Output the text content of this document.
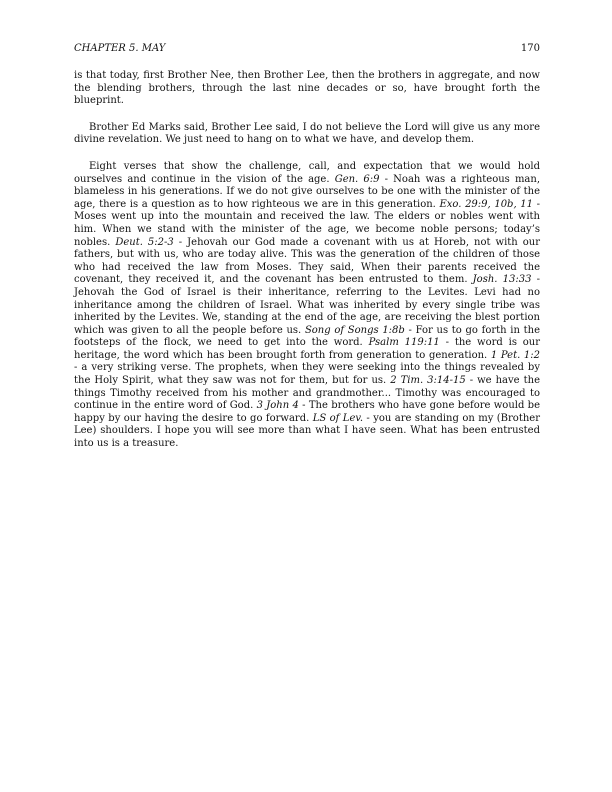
CHAPTER 5. MAY	170

is that today, first Brother Nee, then Brother Lee, then the brothers in aggregate, and now the blending brothers, through the last nine decades or so, have brought forth the blueprint.

Brother Ed Marks said, Brother Lee said, I do not believe the Lord will give us any more divine revelation. We just need to hang on to what we have, and develop them.

Eight verses that show the challenge, call, and expectation that we would hold ourselves and continue in the vision of the age. Gen. 6:9 - Noah was a righteous man, blameless in his generations. If we do not give ourselves to be one with the minister of the age, there is a question as to how righteous we are in this generation. Exo. 29:9, 10b, 11 - Moses went up into the mountain and received the law. The elders or nobles went with him. When we stand with the minister of the age, we become noble persons; today’s nobles. Deut. 5:2-3 - Jehovah our God made a covenant with us at Horeb, not with our fathers, but with us, who are today alive. This was the generation of the children of those who had received the law from Moses. They said, When their parents received the covenant, they received it, and the covenant has been entrusted to them. Josh. 13:33 - Jehovah the God of Israel is their inheritance, referring to the Levites. Levi had no inheritance among the children of Israel. What was inherited by every single tribe was inherited by the Levites. We, standing at the end of the age, are receiving the blest portion which was given to all the people before us. Song of Songs 1:8b - For us to go forth in the footsteps of the flock, we need to get into the word. Psalm 119:11 - the word is our heritage, the word which has been brought forth from generation to generation. 1 Pet. 1:2 - a very striking verse. The prophets, when they were seeking into the things revealed by the Holy Spirit, what they saw was not for them, but for us. 2 Tim. 3:14-15 - we have the things Timothy received from his mother and grandmother... Timothy was encouraged to continue in the entire word of God. 3 John 4 - The brothers who have gone before would be happy by our having the desire to go forward. LS of Lev. - you are standing on my (Brother Lee) shoulders. I hope you will see more than what I have seen. What has been entrusted into us is a treasure.
